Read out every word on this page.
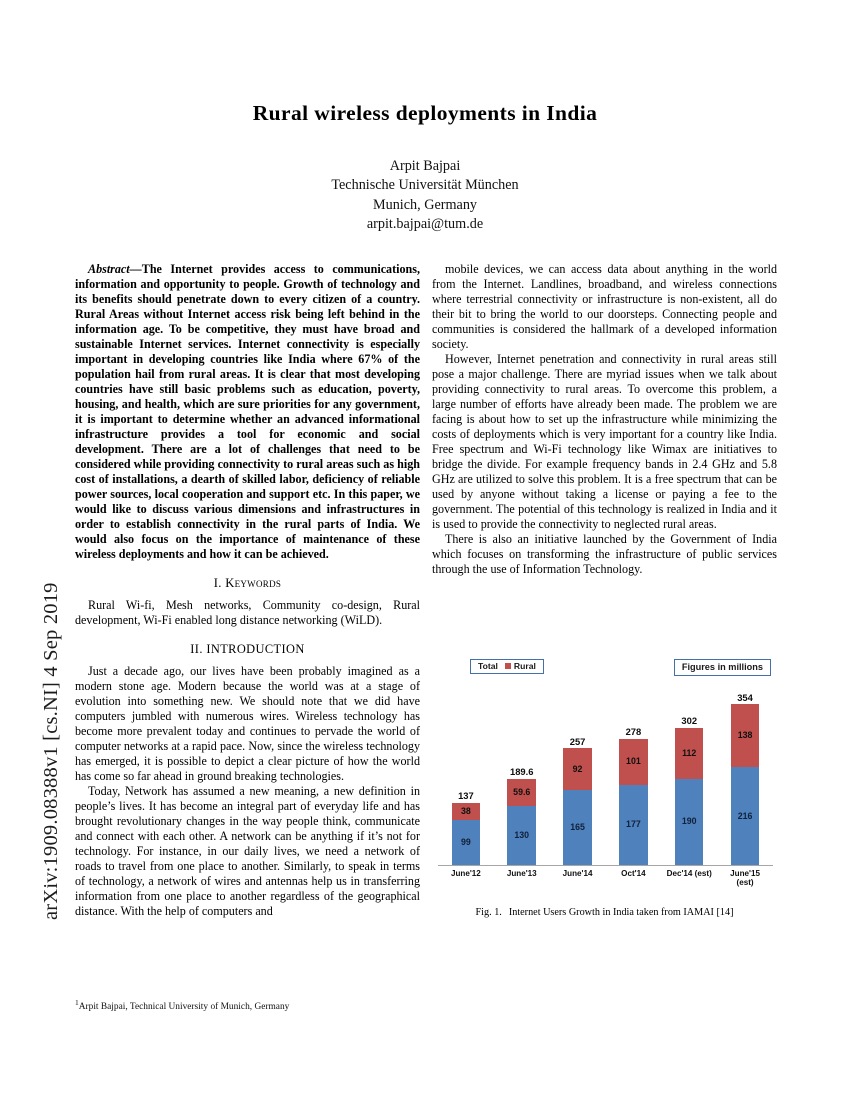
arXiv:1909.08388v1 [cs.NI] 4 Sep 2019
Rural wireless deployments in India
Arpit Bajpai
Technische Universität München
Munich, Germany
arpit.bajpai@tum.de

Abstract—The Internet provides access to communications, information and opportunity to people. Growth of technology and its benefits should penetrate down to every citizen of a country. Rural Areas without Internet access risk being left behind in the information age. To be competitive, they must have broad and sustainable Internet services. Internet connectivity is especially important in developing countries like India where 67% of the population hail from rural areas. It is clear that most developing countries have still basic problems such as education, poverty, housing, and health, which are sure priorities for any government, it is important to determine whether an advanced informational infrastructure provides a tool for economic and social development. There are a lot of challenges that need to be considered while providing connectivity to rural areas such as high cost of installations, a dearth of skilled labor, deficiency of reliable power sources, local cooperation and support etc. In this paper, we would like to discuss various dimensions and infrastructures in order to establish connectivity in the rural parts of India. We would also focus on the importance of maintenance of these wireless deployments and how it can be achieved.

I. Keywords

Rural Wi-fi, Mesh networks, Community co-design, Rural development, Wi-Fi enabled long distance networking (WiLD).

II. INTRODUCTION

Just a decade ago, our lives have been probably imagined as a modern stone age. Modern because the world was at a stage of evolution into something new. We should note that we did have computers jumbled with numerous wires. Wireless technology has become more prevalent today and continues to pervade the world of computer networks at a rapid pace. Now, since the wireless technology has emerged, it is possible to depict a clear picture of how the world has come so far ahead in ground breaking technologies.

Today, Network has assumed a new meaning, a new definition in people’s lives. It has become an integral part of everyday life and has brought revolutionary changes in the way people think, communicate and connect with each other. A network can be anything if it’s not for technology. For instance, in our daily lives, we need a network of roads to travel from one place to another. Similarly, to speak in terms of technology, a network of wires and antennas help us in transferring information from one place to another regardless of the geographical distance. With the help of computers and

$^1$Arpit Bajpai, Technical University of Munich, Germany

mobile devices, we can access data about anything in the world from the Internet. Landlines, broadband, and wireless connections where terrestrial connectivity or infrastructure is non-existent, all do their bit to bring the world to our doorsteps. Connecting people and communities is considered the hallmark of a developed information society.

However, Internet penetration and connectivity in rural areas still pose a major challenge. There are myriad issues when we talk about providing connectivity to rural areas. To overcome this problem, a large number of efforts have already been made. The problem we are facing is about how to set up the infrastructure while minimizing the costs of deployments which is very important for a country like India. Free spectrum and Wi-Fi technology like Wimax are initiatives to bridge the divide. For example frequency bands in 2.4 GHz and 5.8 GHz are utilized to solve this problem. It is a free spectrum that can be used by anyone without taking a license or paying a fee to the government. The potential of this technology is realized in India and it is used to provide the connectivity to neglected rural areas.

There is also an initiative launched by the Government of India which focuses on transforming the infrastructure of public services through the use of Information Technology.

Total Rural	Figures in millions
137
38
99
189.6
59.6
130
257
92
165
278
101
177
302
112
190
354
138
216
June'12	June'13	June'14	Oct'14	Dec'14 (est)	June'15 (est)
Fig. 1. Internet Users Growth in India taken from IAMAI [14]
